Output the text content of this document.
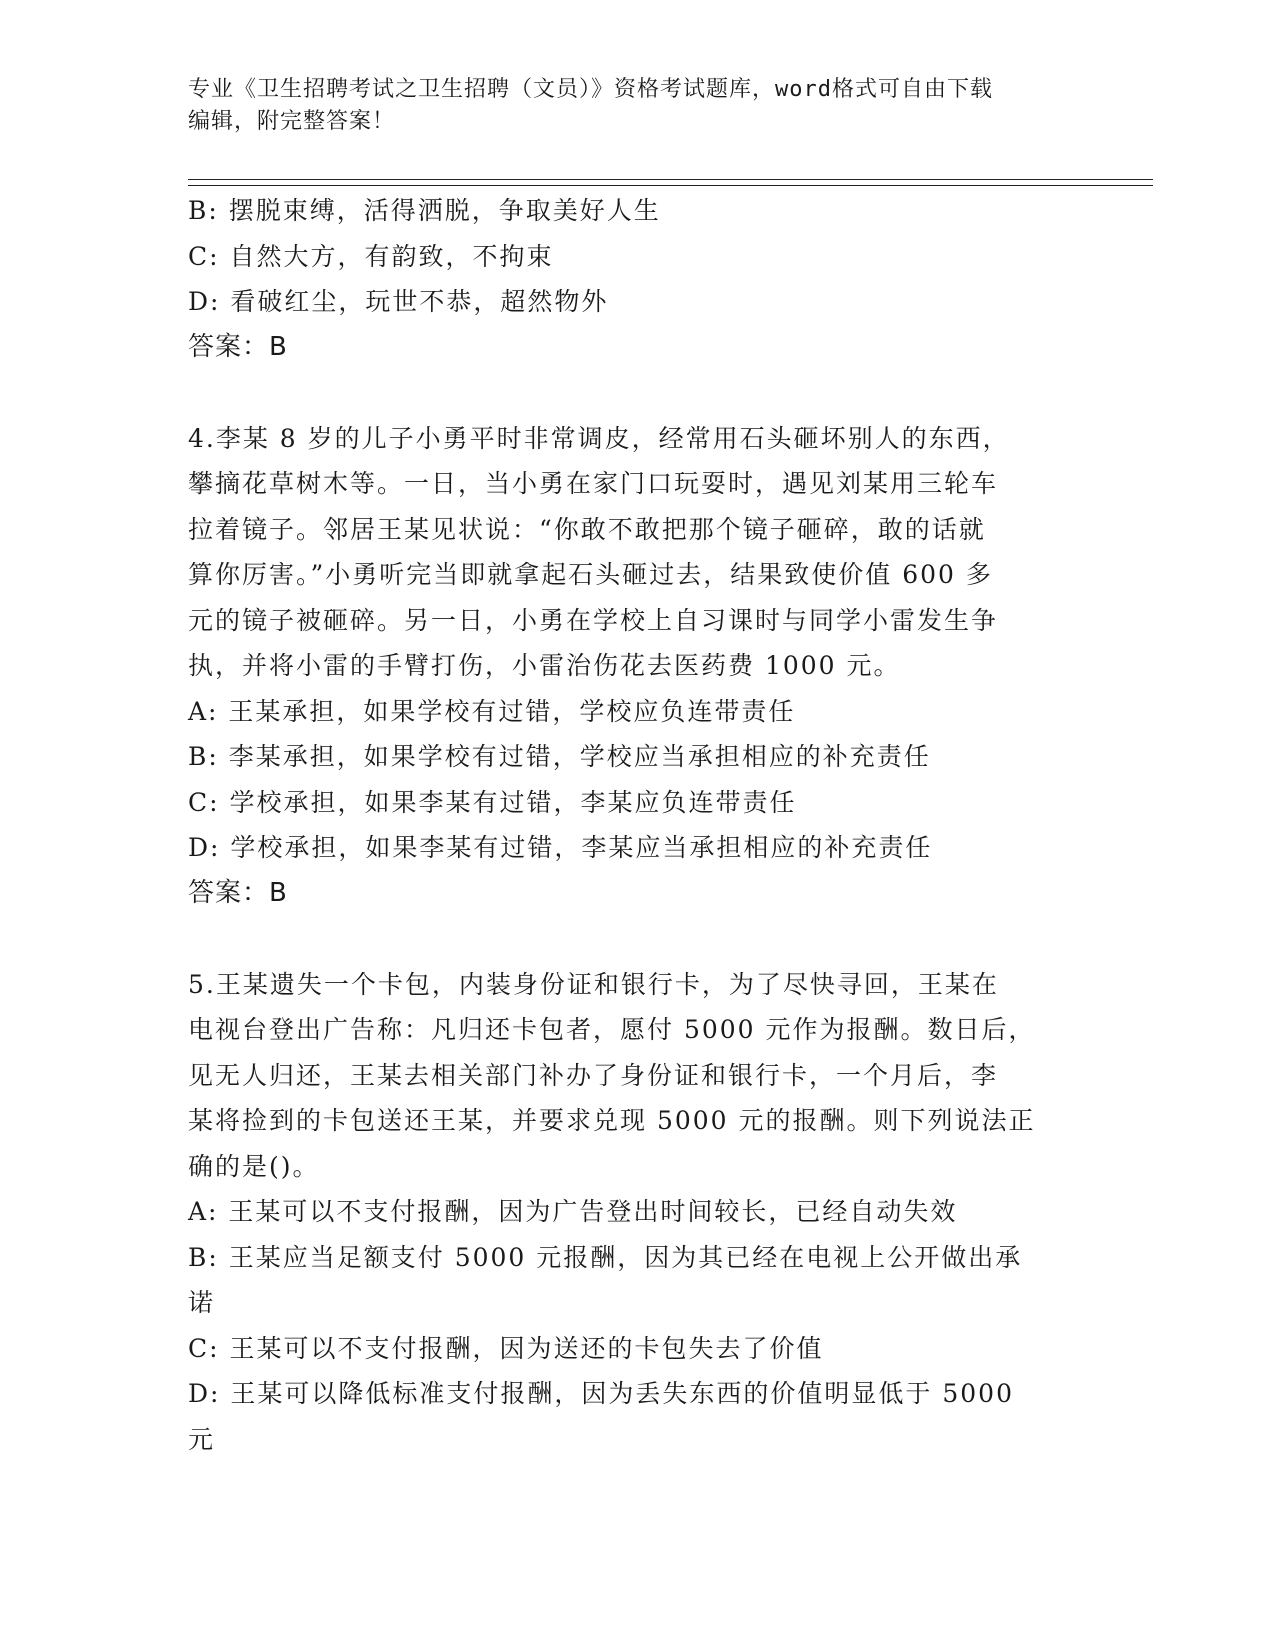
专业《卫生招聘考试之卫生招聘（文员）》资格考试题库，word格式可自由下载
编辑，附完整答案！
B: 摆脱束缚，活得洒脱，争取美好人生
C: 自然大方，有韵致，不拘束
D: 看破红尘，玩世不恭，超然物外
答案：B
4.李某 8 岁的儿子小勇平时非常调皮，经常用石头砸坏别人的东西，
攀摘花草树木等。一日，当小勇在家门口玩耍时，遇见刘某用三轮车
拉着镜子。邻居王某见状说：“你敢不敢把那个镜子砸碎，敢的话就
算你厉害。”小勇听完当即就拿起石头砸过去，结果致使价值 600 多
元的镜子被砸碎。另一日，小勇在学校上自习课时与同学小雷发生争
执，并将小雷的手臂打伤，小雷治伤花去医药费 1000 元。
A: 王某承担，如果学校有过错，学校应负连带责任
B: 李某承担，如果学校有过错，学校应当承担相应的补充责任
C: 学校承担，如果李某有过错，李某应负连带责任
D: 学校承担，如果李某有过错，李某应当承担相应的补充责任
答案：B
5.王某遗失一个卡包，内装身份证和银行卡，为了尽快寻回，王某在
电视台登出广告称：凡归还卡包者，愿付 5000 元作为报酬。数日后，
见无人归还，王某去相关部门补办了身份证和银行卡，一个月后，李
某将捡到的卡包送还王某，并要求兑现 5000 元的报酬。则下列说法正
确的是()。
A: 王某可以不支付报酬，因为广告登出时间较长，已经自动失效
B: 王某应当足额支付 5000 元报酬，因为其已经在电视上公开做出承
诺
C: 王某可以不支付报酬，因为送还的卡包失去了价值
D: 王某可以降低标准支付报酬，因为丢失东西的价值明显低于 5000
元
